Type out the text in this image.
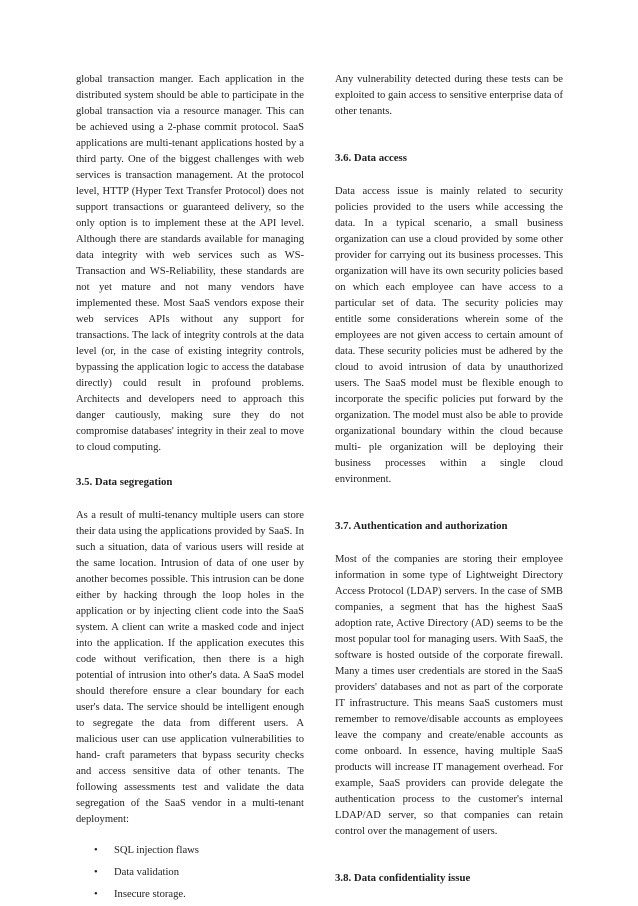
global transaction manger. Each application in the distributed system should be able to participate in the global transaction via a resource manager. This can be achieved using a 2-phase commit protocol. SaaS applications are multi-tenant applications hosted by a third party. One of the biggest challenges with web services is transaction management. At the protocol level, HTTP (Hyper Text Transfer Protocol) does not support transactions or guaranteed delivery, so the only option is to implement these at the API level. Although there are standards available for managing data integrity with web services such as WS-Transaction and WS-Reliability, these standards are not yet mature and not many vendors have implemented these. Most SaaS vendors expose their web services APIs without any support for transactions. The lack of integrity controls at the data level (or, in the case of existing integrity controls, bypassing the application logic to access the database directly) could result in profound problems. Architects and developers need to approach this danger cautiously, making sure they do not compromise databases' integrity in their zeal to move to cloud computing.

3.5. Data segregation

As a result of multi-tenancy multiple users can store their data using the applications provided by SaaS. In such a situation, data of various users will reside at the same location. Intrusion of data of one user by another becomes possible. This intrusion can be done either by hacking through the loop holes in the application or by injecting client code into the SaaS system. A client can write a masked code and inject into the application. If the application executes this code without verification, then there is a high potential of intrusion into other's data. A SaaS model should therefore ensure a clear boundary for each user's data. The service should be intelligent enough to segregate the data from different users. A malicious user can use application vulnerabilities to hand- craft parameters that bypass security checks and access sensitive data of other tenants. The following assessments test and validate the data segregation of the SaaS vendor in a multi-tenant deployment:

• SQL injection flaws
• Data validation
• Insecure storage.

Any vulnerability detected during these tests can be exploited to gain access to sensitive enterprise data of other tenants.

3.6. Data access

Data access issue is mainly related to security policies provided to the users while accessing the data. In a typical scenario, a small business organization can use a cloud provided by some other provider for carrying out its business processes. This organization will have its own security policies based on which each employee can have access to a particular set of data. The security policies may entitle some considerations wherein some of the employees are not given access to certain amount of data. These security policies must be adhered by the cloud to avoid intrusion of data by unauthorized users. The SaaS model must be flexible enough to incorporate the specific policies put forward by the organization. The model must also be able to provide organizational boundary within the cloud because multi- ple organization will be deploying their business processes within a single cloud environment.

3.7. Authentication and authorization

Most of the companies are storing their employee information in some type of Lightweight Directory Access Protocol (LDAP) servers. In the case of SMB companies, a segment that has the highest SaaS adoption rate, Active Directory (AD) seems to be the most popular tool for managing users. With SaaS, the software is hosted outside of the corporate firewall. Many a times user credentials are stored in the SaaS providers' databases and not as part of the corporate IT infrastructure. This means SaaS customers must remember to remove/disable accounts as employees leave the company and create/enable accounts as come onboard. In essence, having multiple SaaS products will increase IT management overhead. For example, SaaS providers can provide delegate the authentication process to the customer's internal LDAP/AD server, so that companies can retain control over the management of users.

3.8. Data confidentiality issue
